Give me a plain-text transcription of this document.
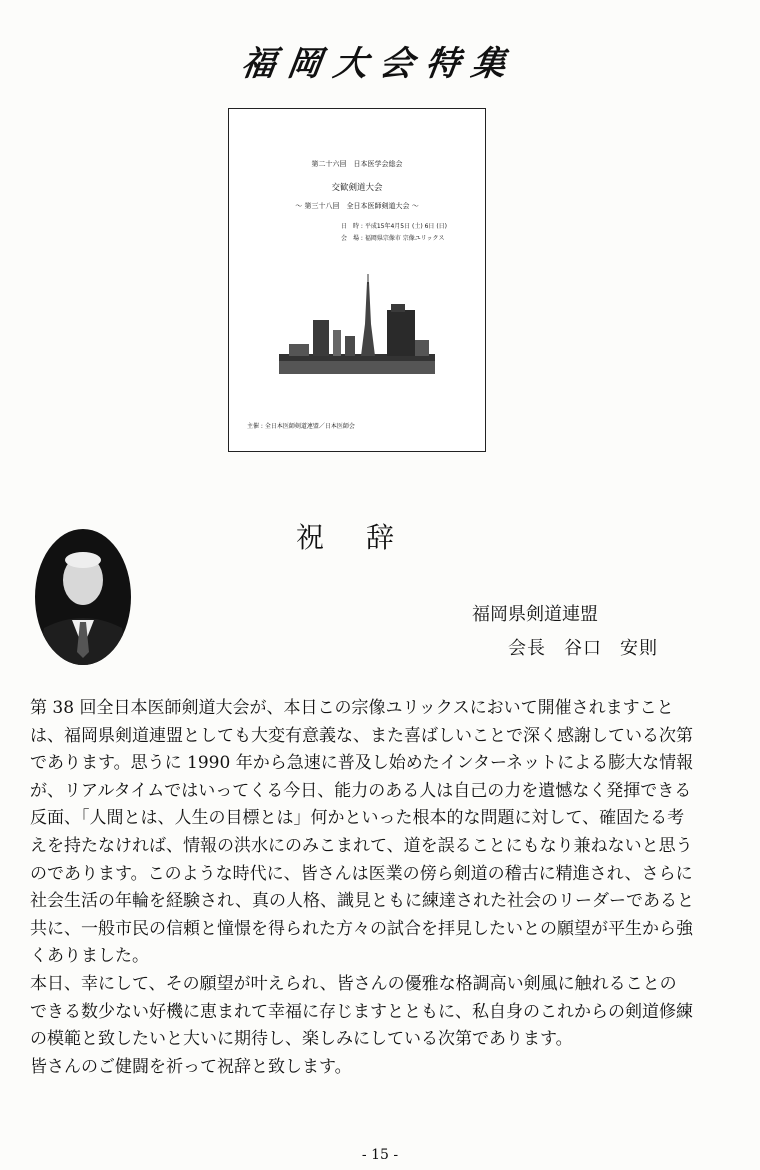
福岡大会特集
第二十六回　日本医学会総会
交歓剣道大会
～ 第三十八回　全日本医師剣道大会 ～
日　時 : 平成15年4月5日 (土) 6日 (日)
会　場 : 福岡県宗像市 宗像ユリックス
主催 : 全日本医師剣道連盟／日本医師会
祝辞
福岡県剣道連盟
会長 谷口 安則
第 38 回全日本医師剣道大会が、本日この宗像ユリックスにおいて開催されますこと
は、福岡県剣道連盟としても大変有意義な、また喜ばしいことで深く感謝している次第
であります。思うに 1990 年から急速に普及し始めたインターネットによる膨大な情報
が、リアルタイムではいってくる今日、能力のある人は自己の力を遺憾なく発揮できる
反面、「人間とは、人生の目標とは」何かといった根本的な問題に対して、確固たる考
えを持たなければ、情報の洪水にのみこまれて、道を誤ることにもなり兼ねないと思う
のであります。このような時代に、皆さんは医業の傍ら剣道の稽古に精進され、さらに
社会生活の年輪を経験され、真の人格、識見ともに練達された社会のリーダーであると
共に、一般市民の信頼と憧憬を得られた方々の試合を拝見したいとの願望が平生から強
くありました。
本日、幸にして、その願望が叶えられ、皆さんの優雅な格調高い剣風に触れることの
できる数少ない好機に恵まれて幸福に存じますとともに、私自身のこれからの剣道修練
の模範と致したいと大いに期待し、楽しみにしている次第であります。
皆さんのご健闘を祈って祝辞と致します。
- 15 -
